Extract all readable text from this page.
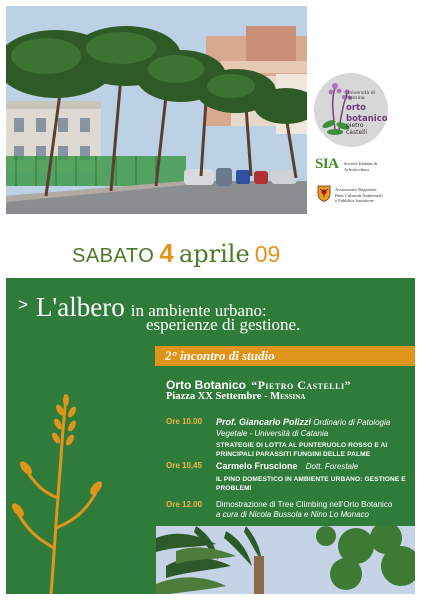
Università di Messina
orto
botanico
pietro
castelli
SIA Società Italiana di
Arboricoltura
Assessorato Regionale
Beni Culturali Ambientali
e Pubblica Istruzione
SABATO 4 aprile 09
> L'albero in ambiente urbano:
esperienze di gestione.
2° incontro di studio
Orto Botanico “Pietro Castelli”
Piazza XX Settembre - Messina
Ore 10.00 Prof. Giancarlo Polizzi Ordinario di Patologia Vegetale - Università di Catania
STRATEGIE DI LOTTA AL PUNTERUOLO ROSSO E AI PRINCIPALI PARASSITI FUNGINI DELLE PALME
Ore 10,45 Carmelo Fruscione Dott. Forestale
IL PINO DOMESTICO IN AMBIENTE URBANO: GESTIONE E PROBLEMI
Ore 12.00 Dimostrazione di Tree Climbing nell'Orto Botanico
a cura di Nicola Bussola e Nino Lo Monaco
